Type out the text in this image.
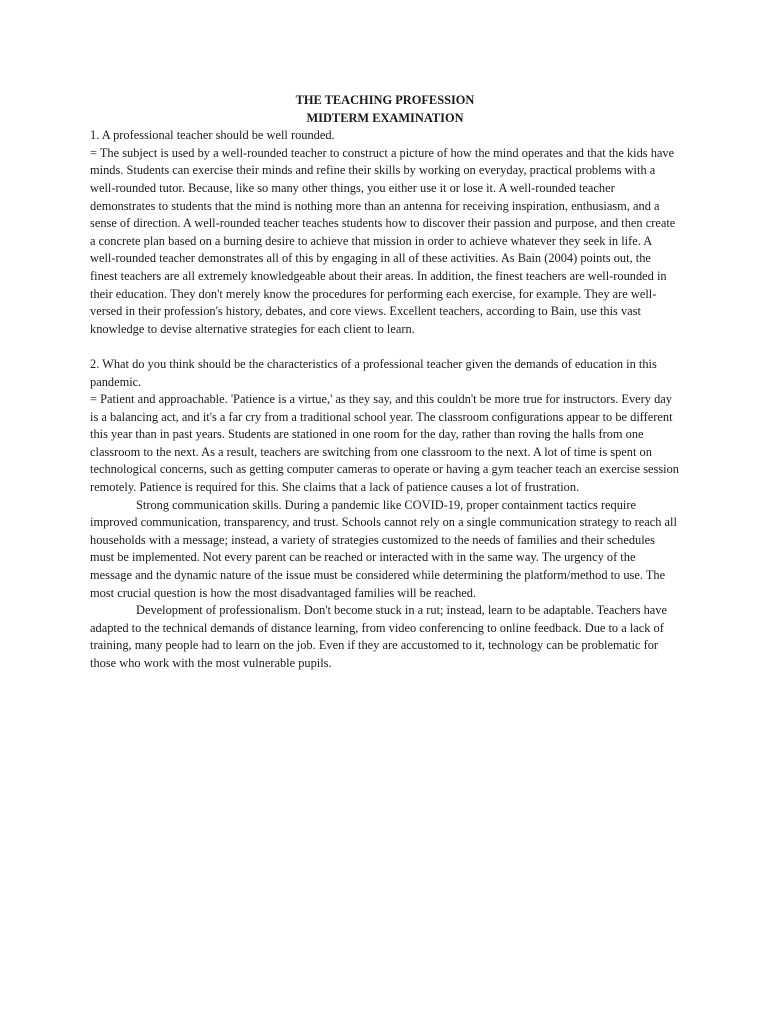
THE TEACHING PROFESSION

MIDTERM EXAMINATION

1. A professional teacher should be well rounded.

= The subject is used by a well-rounded teacher to construct a picture of how the mind operates and that the kids have minds. Students can exercise their minds and refine their skills by working on everyday, practical problems with a well-rounded tutor. Because, like so many other things, you either use it or lose it. A well-rounded teacher demonstrates to students that the mind is nothing more than an antenna for receiving inspiration, enthusiasm, and a sense of direction. A well-rounded teacher teaches students how to discover their passion and purpose, and then create a concrete plan based on a burning desire to achieve that mission in order to achieve whatever they seek in life. A well-rounded teacher demonstrates all of this by engaging in all of these activities. As Bain (2004) points out, the finest teachers are all extremely knowledgeable about their areas. In addition, the finest teachers are well-rounded in their education. They don't merely know the procedures for performing each exercise, for example. They are well-versed in their profession's history, debates, and core views. Excellent teachers, according to Bain, use this vast knowledge to devise alternative strategies for each client to learn.

2. What do you think should be the characteristics of a professional teacher given the demands of education in this pandemic.

= Patient and approachable. 'Patience is a virtue,' as they say, and this couldn't be more true for instructors. Every day is a balancing act, and it's a far cry from a traditional school year. The classroom configurations appear to be different this year than in past years. Students are stationed in one room for the day, rather than roving the halls from one classroom to the next. As a result, teachers are switching from one classroom to the next. A lot of time is spent on technological concerns, such as getting computer cameras to operate or having a gym teacher teach an exercise session remotely. Patience is required for this. She claims that a lack of patience causes a lot of frustration.

Strong communication skills. During a pandemic like COVID-19, proper containment tactics require improved communication, transparency, and trust. Schools cannot rely on a single communication strategy to reach all households with a message; instead, a variety of strategies customized to the needs of families and their schedules must be implemented. Not every parent can be reached or interacted with in the same way. The urgency of the message and the dynamic nature of the issue must be considered while determining the platform/method to use. The most crucial question is how the most disadvantaged families will be reached.

Development of professionalism. Don't become stuck in a rut; instead, learn to be adaptable. Teachers have adapted to the technical demands of distance learning, from video conferencing to online feedback. Due to a lack of training, many people had to learn on the job. Even if they are accustomed to it, technology can be problematic for those who work with the most vulnerable pupils.
